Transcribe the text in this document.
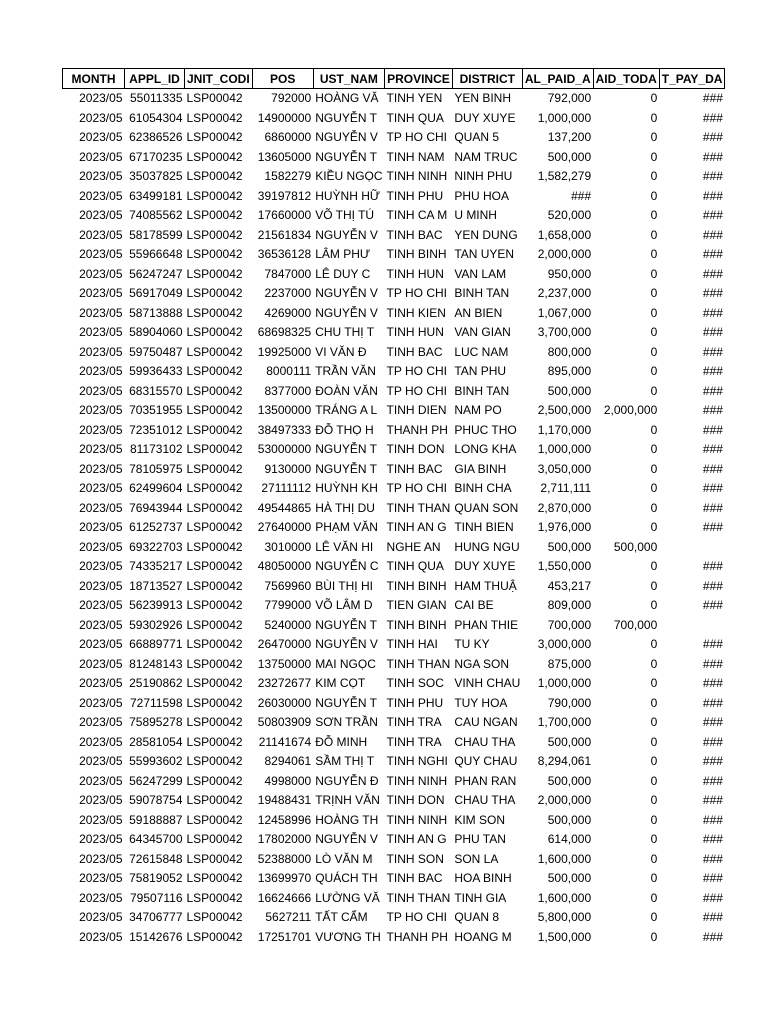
MONTH	APPL_ID	JNIT_CODI	POS	UST_NAM	PROVINCE	DISTRICT	AL_PAID_A	AID_TODA	T_PAY_DA
2023/05	55011335	LSP00042	792000	HOÀNG VĂ	TINH YEN	YEN BINH	792,000	0	###
2023/05	61054304	LSP00042	14900000	NGUYỄN T	TINH QUA	DUY XUYE	1,000,000	0	###
2023/05	62386526	LSP00042	6860000	NGUYỄN V	TP HO CHI	QUAN 5	137,200	0	###
2023/05	67170235	LSP00042	13605000	NGUYỄN T	TINH NAM	NAM TRUC	500,000	0	###
2023/05	35037825	LSP00042	1582279	KIỀU NGỌC	TINH NINH	NINH PHU	1,582,279	0	###
2023/05	63499181	LSP00042	39197812	HUỲNH HỮ	TINH PHU	PHU HOA	###	0	###
2023/05	74085562	LSP00042	17660000	VÕ THỊ TÚ	TINH CA M	U MINH	520,000	0	###
2023/05	58178599	LSP00042	21561834	NGUYỄN V	TINH BAC	YEN DUNG	1,658,000	0	###
2023/05	55966648	LSP00042	36536128	LÂM PHƯ	TINH BINH	TAN UYEN	2,000,000	0	###
2023/05	56247247	LSP00042	7847000	LÊ DUY C	TINH HUN	VAN LAM	950,000	0	###
2023/05	56917049	LSP00042	2237000	NGUYỄN V	TP HO CHI	BINH TAN	2,237,000	0	###
2023/05	58713888	LSP00042	4269000	NGUYỄN V	TINH KIEN	AN BIEN	1,067,000	0	###
2023/05	58904060	LSP00042	68698325	CHU THỊ T	TINH HUN	VAN GIAN	3,700,000	0	###
2023/05	59750487	LSP00042	19925000	VI VĂN Đ	TINH BAC	LUC NAM	800,000	0	###
2023/05	59936433	LSP00042	8000111	TRẦN VĂN	TP HO CHI	TAN PHU	895,000	0	###
2023/05	68315570	LSP00042	8377000	ĐOÀN VĂN	TP HO CHI	BINH TAN	500,000	0	###
2023/05	70351955	LSP00042	13500000	TRÁNG A L	TINH DIEN	NAM PO	2,500,000	2,000,000	###
2023/05	72351012	LSP00042	38497333	ĐỖ THỌ H	THANH PH	PHUC THO	1,170,000	0	###
2023/05	81173102	LSP00042	53000000	NGUYỄN T	TINH DON	LONG KHA	1,000,000	0	###
2023/05	78105975	LSP00042	9130000	NGUYỄN T	TINH BAC	GIA BINH	3,050,000	0	###
2023/05	62499604	LSP00042	27111112	HUỲNH KH	TP HO CHI	BINH CHA	2,711,111	0	###
2023/05	76943944	LSP00042	49544865	HÀ THỊ DU	TINH THAN	QUAN SON	2,870,000	0	###
2023/05	61252737	LSP00042	27640000	PHẠM VĂN	TINH AN G	TINH BIEN	1,976,000	0	###
2023/05	69322703	LSP00042	3010000	LÊ VĂN HI	NGHE AN	HUNG NGU	500,000	500,000	
2023/05	74335217	LSP00042	48050000	NGUYỄN C	TINH QUA	DUY XUYE	1,550,000	0	###
2023/05	18713527	LSP00042	7569960	BÙI THỊ HI	TINH BINH	HAM THUẬ	453,217	0	###
2023/05	56239913	LSP00042	7799000	VÕ LÂM D	TIEN GIAN	CAI BE	809,000	0	###
2023/05	59302926	LSP00042	5240000	NGUYỄN T	TINH BINH	PHAN THIE	700,000	700,000	
2023/05	66889771	LSP00042	26470000	NGUYỄN V	TINH HAI	TU KY	3,000,000	0	###
2023/05	81248143	LSP00042	13750000	MAI NGỌC	TINH THAN	NGA SON	875,000	0	###
2023/05	25190862	LSP00042	23272677	KIM CỌT	TINH SOC	VINH CHAU	1,000,000	0	###
2023/05	72711598	LSP00042	26030000	NGUYỄN T	TINH PHU	TUY HOA	790,000	0	###
2023/05	75895278	LSP00042	50803909	SƠN TRẦN	TINH TRA	CAU NGAN	1,700,000	0	###
2023/05	28581054	LSP00042	21141674	ĐỖ MINH	TINH TRA	CHAU THA	500,000	0	###
2023/05	55993602	LSP00042	8294061	SẦM THỊ T	TINH NGHI	QUY CHAU	8,294,061	0	###
2023/05	56247299	LSP00042	4998000	NGUYỄN Đ	TINH NINH	PHAN RAN	500,000	0	###
2023/05	59078754	LSP00042	19488431	TRỊNH VĂN	TINH DON	CHAU THA	2,000,000	0	###
2023/05	59188887	LSP00042	12458996	HOÀNG TH	TINH NINH	KIM SON	500,000	0	###
2023/05	64345700	LSP00042	17802000	NGUYỄN V	TINH AN G	PHU TAN	614,000	0	###
2023/05	72615848	LSP00042	52388000	LÒ VĂN M	TINH SON	SON LA	1,600,000	0	###
2023/05	75819052	LSP00042	13699970	QUÁCH TH	TINH BAC	HOA BINH	500,000	0	###
2023/05	79507116	LSP00042	16624666	LƯỜNG VĂ	TINH THAN	TINH GIA	1,600,000	0	###
2023/05	34706777	LSP00042	5627211	TẤT CẨM	TP HO CHI	QUAN 8	5,800,000	0	###
2023/05	15142676	LSP00042	17251701	VƯƠNG TH	THANH PH	HOANG M	1,500,000	0	###
